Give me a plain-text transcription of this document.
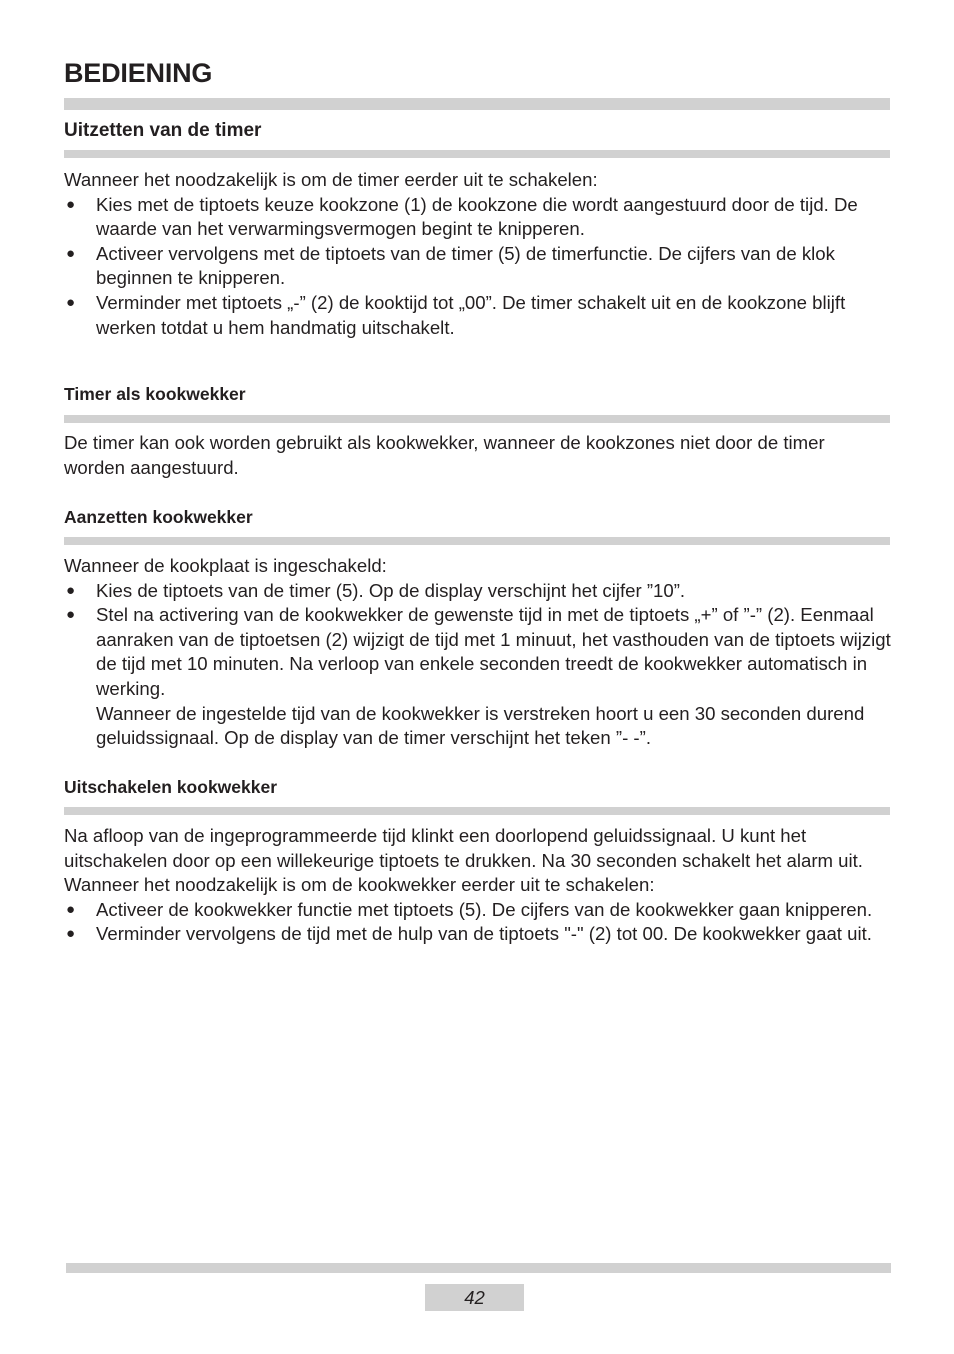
BEDIENING
Uitzetten van de timer

Wanneer het noodzakelijk is om de timer eerder uit te schakelen:

● Kies met de tiptoets keuze kookzone (1) de kookzone die wordt aangestuurd door de tijd. De waarde van het verwarmingsvermogen begint te knipperen.
● Activeer vervolgens met de tiptoets van de timer (5) de timerfunctie. De cijfers van de klok beginnen te knipperen.
● Verminder met tiptoets „-” (2) de kooktijd tot „00”. De timer schakelt uit en de kookzone blijft werken totdat u hem handmatig uitschakelt.
Timer als kookwekker

De timer kan ook worden gebruikt als kookwekker, wanneer de kookzones niet door de timer worden aangestuurd.

Aanzetten kookwekker

Wanneer de kookplaat is ingeschakeld:

● Kies de tiptoets van de timer (5). Op de display verschijnt het cijfer ”10”.
● Stel na activering van de kookwekker de gewenste tijd in met de tiptoets „+” of ”-” (2). Eenmaal aanraken van de tiptoetsen (2) wijzigt de tijd met 1 minuut, het vasthouden van de tiptoets wijzigt de tijd met 10 minuten. Na verloop van enkele seconden treedt de kookwekker automatisch in werking.
Wanneer de ingestelde tijd van de kookwekker is verstreken hoort u een 30 seconden durend geluidssignaal. Op de display van de timer verschijnt het teken ”- -”.
Uitschakelen kookwekker

Na afloop van de ingeprogrammeerde tijd klinkt een doorlopend geluidssignaal. U kunt het uitschakelen door op een willekeurige tiptoets te drukken. Na 30 seconden schakelt het alarm uit.

Wanneer het noodzakelijk is om de kookwekker eerder uit te schakelen:

● Activeer de kookwekker functie met tiptoets (5). De cijfers van de kookwekker gaan knipperen.
● Verminder vervolgens de tijd met de hulp van de tiptoets "-" (2) tot 00. De kookwekker gaat uit.
42
